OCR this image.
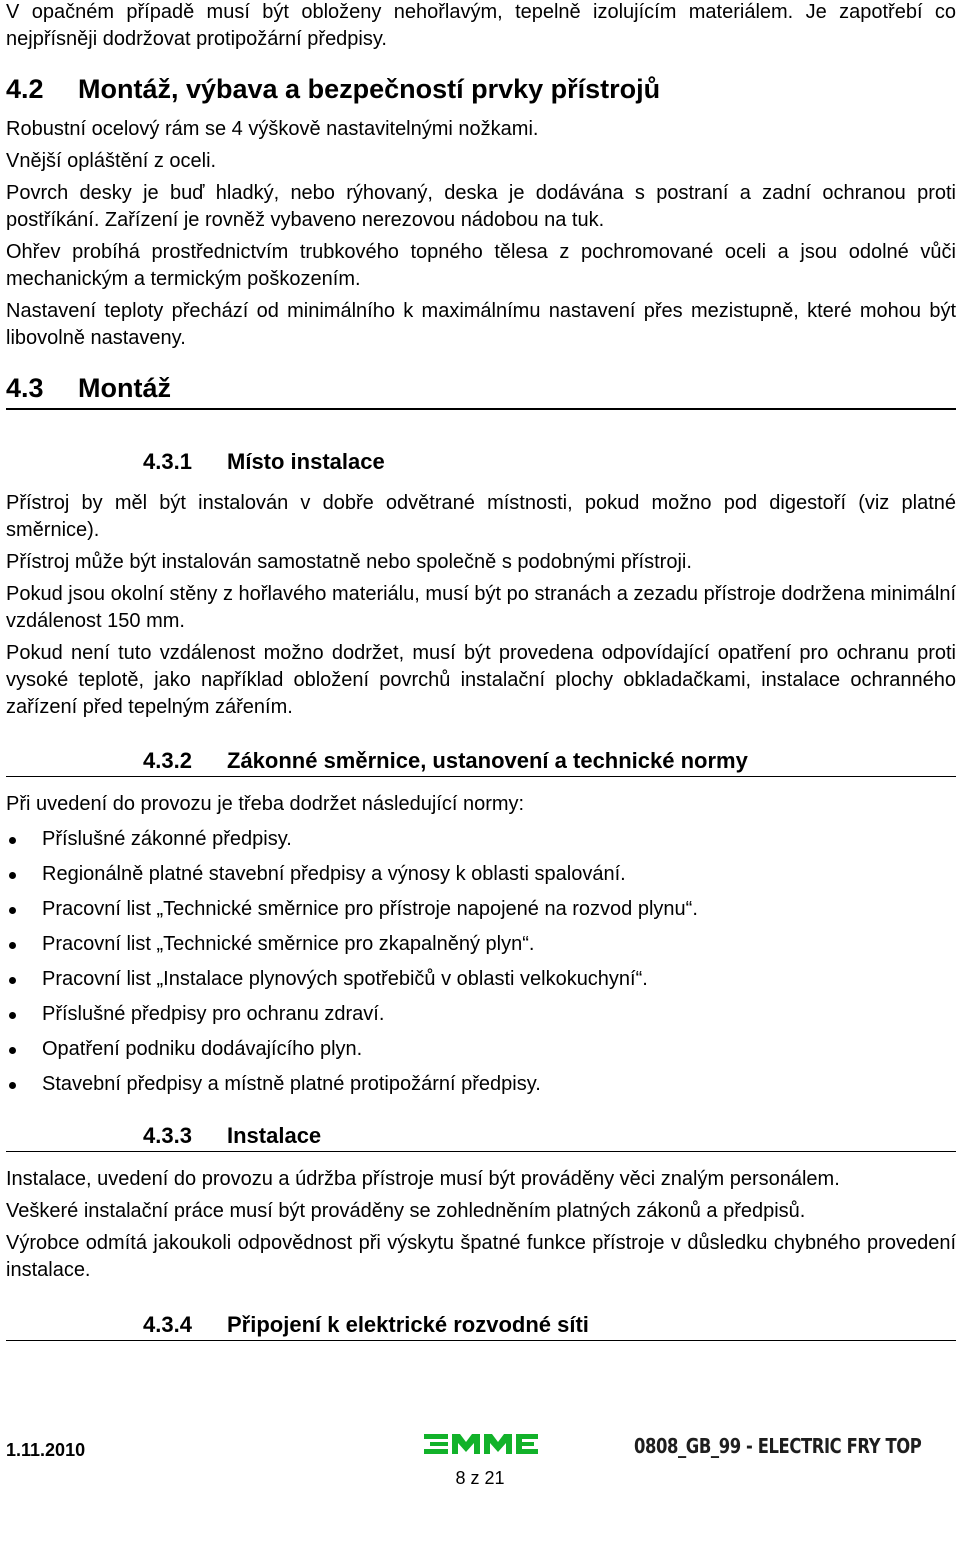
V opačném případě musí být obloženy nehořlavým, tepelně izolujícím materiálem. Je zapotřebí co nejpřísněji dodržovat protipožární předpisy.

4.2	Montáž, výbava a bezpečností prvky přístrojů

Robustní ocelový rám se 4 výškově nastavitelnými nožkami.

Vnější opláštění z oceli.

Povrch desky je buď hladký, nebo rýhovaný, deska je dodávána s postraní a zadní ochranou proti postříkání. Zařízení je rovněž vybaveno nerezovou nádobou na tuk.

Ohřev probíhá prostřednictvím trubkového topného tělesa z pochromované oceli a jsou odolné vůči mechanickým a termickým poškozením.

Nastavení teploty přechází od minimálního k maximálnímu nastavení přes mezistupně, které mohou být libovolně nastaveny.

4.3	Montáž
4.3.1	Místo instalace

Přístroj by měl být instalován v dobře odvětrané místnosti, pokud možno pod digestoří (viz platné směrnice).

Přístroj může být instalován samostatně nebo společně s podobnými přístroji.

Pokud jsou okolní stěny z hořlavého materiálu, musí být po stranách a zezadu přístroje dodržena minimální vzdálenost 150 mm.

Pokud není tuto vzdálenost možno dodržet, musí být provedena odpovídající opatření pro ochranu proti vysoké teplotě, jako například obložení povrchů instalační plochy obkladačkami, instalace ochranného zařízení před tepelným zářením.

4.3.2	Zákonné směrnice, ustanovení a technické normy

Při uvedení do provozu je třeba dodržet následující normy:

Příslušné zákonné předpisy.
Regionálně platné stavební předpisy a výnosy k oblasti spalování.
Pracovní list „Technické směrnice pro přístroje napojené na rozvod plynu“.
Pracovní list „Technické směrnice pro zkapalněný plyn“.
Pracovní list „Instalace plynových spotřebičů v oblasti velkokuchyní“.
Příslušné předpisy pro ochranu zdraví.
Opatření podniku dodávajícího plyn.
Stavební předpisy a místně platné protipožární předpisy.
4.3.3	Instalace

Instalace, uvedení do provozu a údržba přístroje musí být prováděny věci znalým personálem.

Veškeré instalační práce musí být prováděny se zohledněním platných zákonů a předpisů.

Výrobce odmítá jakoukoli odpovědnost při výskytu špatné funkce přístroje v důsledku chybného provedení instalace.

4.3.4	Připojení k elektrické rozvodné síti
1.11.2010	0808_GB_99 - ELECTRIC FRY TOP
8 z 21
